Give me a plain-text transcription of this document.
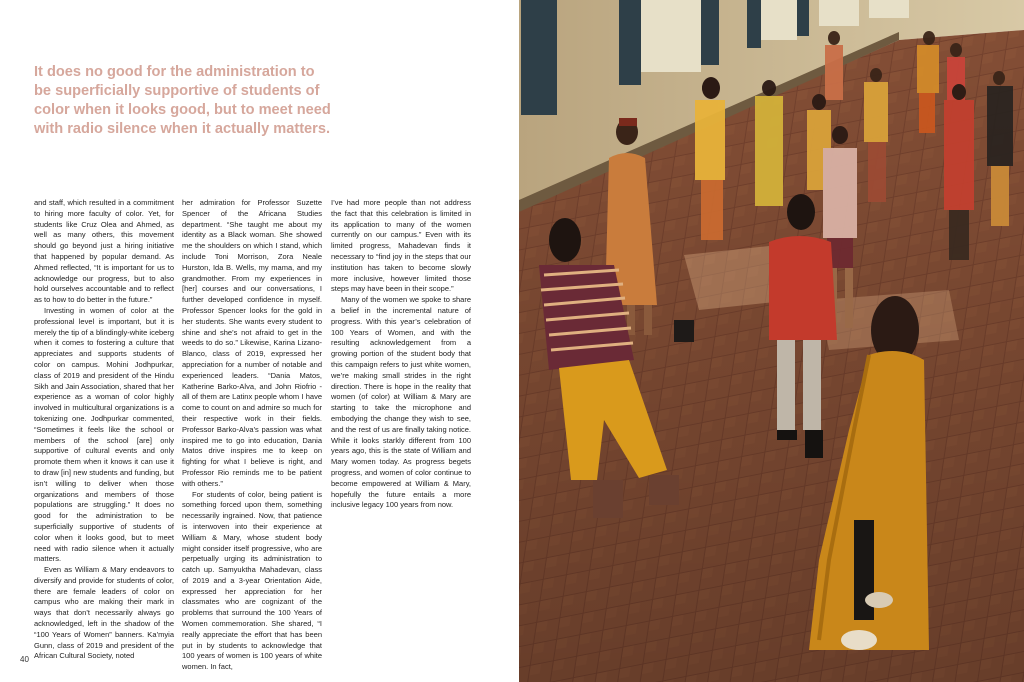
It does no good for the administration to be superficially supportive of students of color when it looks good, but to meet need with radio silence when it actually matters.

and staff, which resulted in a commitment to hiring more faculty of color. Yet, for students like Cruz Olea and Ahmed, as well as many others, this movement should go beyond just a hiring initiative that happened by popular demand. As Ahmed reflected, “It is important for us to acknowledge our progress, but to also hold ourselves accountable and to reflect as to how to do better in the future.”

Investing in women of color at the professional level is important, but it is merely the tip of a blindingly-white iceberg when it comes to fostering a culture that appreciates and supports students of color on campus. Mohini Jodhpurkar, class of 2019 and president of the Hindu Sikh and Jain Association, shared that her experience as a woman of color highly involved in multicultural organizations is a tokenizing one. Jodhpurkar commented, “Sometimes it feels like the school or members of the school [are] only supportive of cultural events and only promote them when it knows it can use it to draw [in] new students and funding, but isn’t willing to deliver when those organizations and members of those populations are struggling.” It does no good for the administration to be superficially supportive of students of color when it looks good, but to meet need with radio silence when it actually matters.

Even as William & Mary endeavors to diversify and provide for students of color, there are female leaders of color on campus who are making their mark in ways that don’t necessarily always go acknowledged, left in the shadow of the “100 Years of Women” banners. Ka’myia Gunn, class of 2019 and president of the African Cultural Society, noted

her admiration for Professor Suzette Spencer of the Africana Studies department. “She taught me about my identity as a Black woman. She showed me the shoulders on which I stand, which include Toni Morrison, Zora Neale Hurston, Ida B. Wells, my mama, and my grandmother. From my experiences in [her] courses and our conversations, I further developed confidence in myself. Professor Spencer looks for the gold in her students. She wants every student to shine and she’s not afraid to get in the weeds to do so.” Likewise, Karina Lizano-Blanco, class of 2019, expressed her appreciation for a number of notable and experienced leaders. “Dania Matos, Katherine Barko-Alva, and John Riofrio - all of them are Latinx people whom I have come to count on and admire so much for their respective work in their fields. Professor Barko-Alva’s passion was what inspired me to go into education, Dania Matos drive inspires me to keep on fighting for what I believe is right, and Professor Rio reminds me to be patient with others.”

For students of color, being patient is something forced upon them, something necessarily ingrained. Now, that patience is interwoven into their experience at William & Mary, whose student body might consider itself progressive, who are perpetually urging its administration to catch up. Samyuktha Mahadevan, class of 2019 and a 3-year Orientation Aide, expressed her appreciation for her classmates who are cognizant of the problems that surround the 100 Years of Women commemoration. She shared, “I really appreciate the effort that has been put in by students to acknowledge that 100 years of women is 100 years of white women. In fact,

I’ve had more people than not address the fact that this celebration is limited in its application to many of the women currently on our campus.” Even with its limited progress, Mahadevan finds it necessary to “find joy in the steps that our institution has taken to become slowly more inclusive, however limited those steps may have been in their scope.”

Many of the women we spoke to share a belief in the incremental nature of progress. With this year’s celebration of 100 Years of Women, and with the resulting acknowledgement from a growing portion of the student body that this campaign refers to just white women, we’re making small strides in the right direction. There is hope in the reality that women (of color) at William & Mary are starting to take the microphone and embodying the change they wish to see, and the rest of us are finally taking notice. While it looks starkly different from 100 years ago, this is the state of William and Mary women today. As progress begets progress, and women of color continue to become empowered at William & Mary, hopefully the future entails a more inclusive legacy 100 years from now.

40
